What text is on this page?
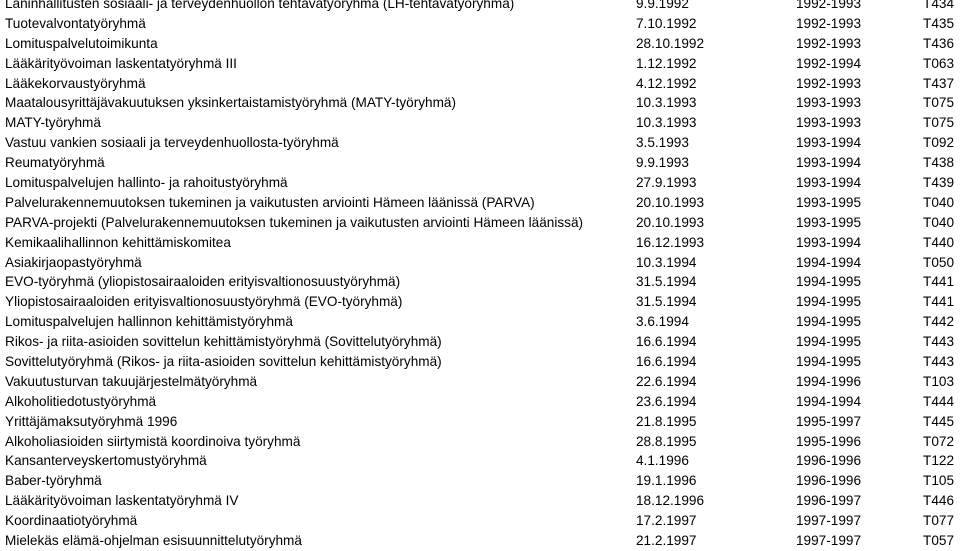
Läninhallitusten sosiaali- ja terveydenhuollon tehtävätyöryhmä (LH-tehtävätyöryhmä)	9.9.1992	1992-1993	T434
Tuotevalvontatyöryhmä	7.10.1992	1992-1993	T435
Lomituspalvelutoimikunta	28.10.1992	1992-1993	T436
Lääkärityövoiman laskentatyöryhmä III	1.12.1992	1992-1994	T063
Lääkekorvaustyöryhmä	4.12.1992	1992-1993	T437
Maatalousyrittäjävakuutuksen yksinkertaistamistyöryhmä (MATY-työryhmä)	10.3.1993	1993-1993	T075
MATY-työryhmä	10.3.1993	1993-1993	T075
Vastuu vankien sosiaali ja terveydenhuollosta-työryhmä	3.5.1993	1993-1994	T092
Reumatyöryhmä	9.9.1993	1993-1994	T438
Lomituspalvelujen hallinto- ja rahoitustyöryhmä	27.9.1993	1993-1994	T439
Palvelurakennemuutoksen tukeminen ja vaikutusten arviointi Hämeen läänissä (PARVA)	20.10.1993	1993-1995	T040
PARVA-projekti (Palvelurakennemuutoksen tukeminen ja vaikutusten arviointi Hämeen läänissä)	20.10.1993	1993-1995	T040
Kemikaalihallinnon kehittämiskomitea	16.12.1993	1993-1994	T440
Asiakirjaopastyöryhmä	10.3.1994	1994-1994	T050
EVO-työryhmä (yliopistosairaaloiden erityisvaltionosuustyöryhmä)	31.5.1994	1994-1995	T441
Yliopistosairaaloiden erityisvaltionosuustyöryhmä (EVO-työryhmä)	31.5.1994	1994-1995	T441
Lomituspalvelujen hallinnon kehittämistyöryhmä	3.6.1994	1994-1995	T442
Rikos- ja riita-asioiden sovittelun kehittämistyöryhmä (Sovittelutyöryhmä)	16.6.1994	1994-1995	T443
Sovittelutyöryhmä (Rikos- ja riita-asioiden sovittelun kehittämistyöryhmä)	16.6.1994	1994-1995	T443
Vakuutusturvan takuujärjestelmätyöryhmä	22.6.1994	1994-1996	T103
Alkoholitiedotustyöryhmä	23.6.1994	1994-1994	T444
Yrittäjämaksutyöryhmä 1996	21.8.1995	1995-1997	T445
Alkoholiasioiden siirtymistä koordinoiva työryhmä	28.8.1995	1995-1996	T072
Kansanterveyskertomustyöryhmä	4.1.1996	1996-1996	T122
Baber-työryhmä	19.1.1996	1996-1996	T105
Lääkärityövoiman laskentatyöryhmä IV	18.12.1996	1996-1997	T446
Koordinaatiotyöryhmä	17.2.1997	1997-1997	T077
Mielekäs elämä-ohjelman esisuunnittelutyöryhmä	21.2.1997	1997-1997	T057
